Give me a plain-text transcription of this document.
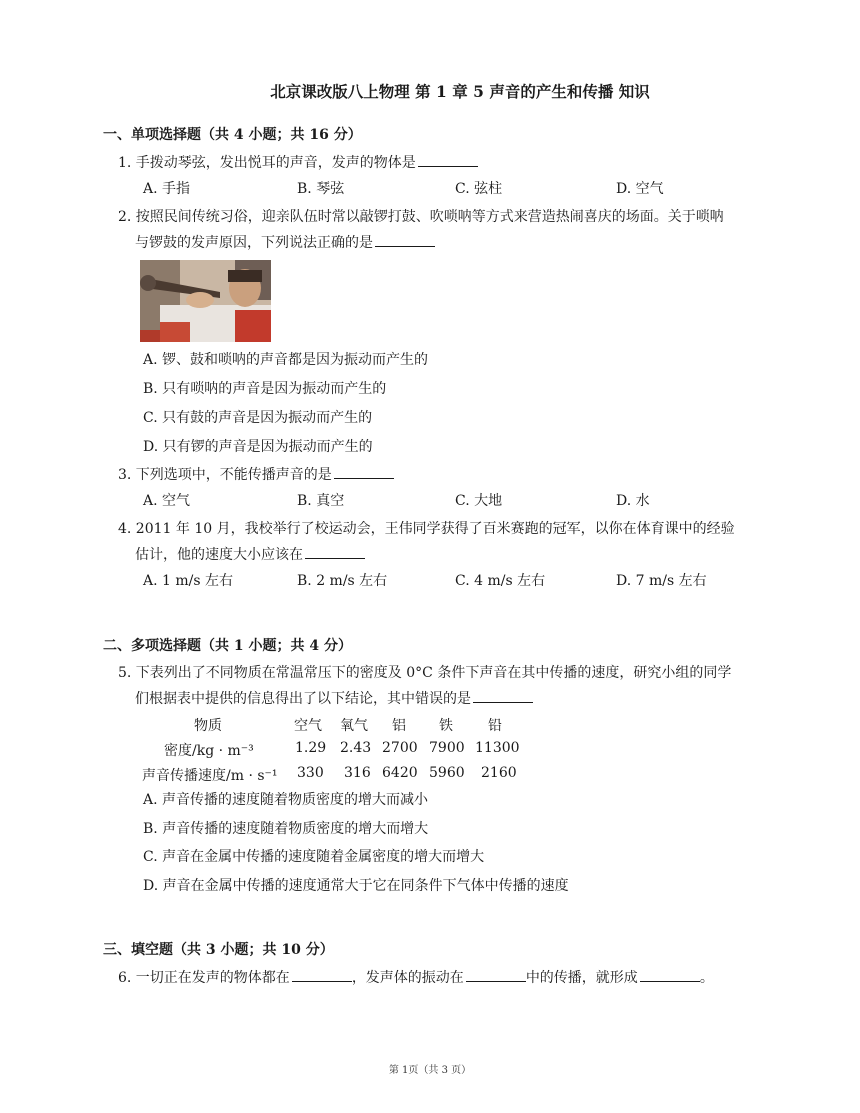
北京课改版八上物理 第 1 章 5 声音的产生和传播 知识
一、单项选择题（共 4 小题；共 16 分）
1. 手拨动琴弦，发出悦耳的声音，发声的物体是
A. 手指	B. 琴弦	C. 弦柱	D. 空气
2. 按照民间传统习俗，迎亲队伍时常以敲锣打鼓、吹唢呐等方式来营造热闹喜庆的场面。关于唢呐
与锣鼓的发声原因，下列说法正确的是
A. 锣、鼓和唢呐的声音都是因为振动而产生的
B. 只有唢呐的声音是因为振动而产生的
C. 只有鼓的声音是因为振动而产生的
D. 只有锣的声音是因为振动而产生的
3. 下列选项中，不能传播声音的是
A. 空气	B. 真空	C. 大地	D. 水
4. 2011 年 10 月，我校举行了校运动会，王伟同学获得了百米赛跑的冠军，以你在体育课中的经验
估计，他的速度大小应该在
A. 1 m/s 左右	B. 2 m/s 左右	C. 4 m/s 左右	D. 7 m/s 左右
二、多项选择题（共 1 小题；共 4 分）
5. 下表列出了不同物质在常温常压下的密度及 0°C 条件下声音在其中传播的速度，研究小组的同学
们根据表中提供的信息得出了以下结论，其中错误的是
物质	空气 氧气 铝 铁	铅
密度/kg · m⁻³	1.29 2.43 2700 7900 11300
声音传播速度/m · s⁻¹ 330 316 6420 5960 2160
A. 声音传播的速度随着物质密度的增大而减小
B. 声音传播的速度随着物质密度的增大而增大
C. 声音在金属中传播的速度随着金属密度的增大而增大
D. 声音在金属中传播的速度通常大于它在同条件下气体中传播的速度
三、填空题（共 3 小题；共 10 分）
6. 一切正在发声的物体都在	，发声体的振动在	中的传播，就形成	。
第 1页（共 3 页）
